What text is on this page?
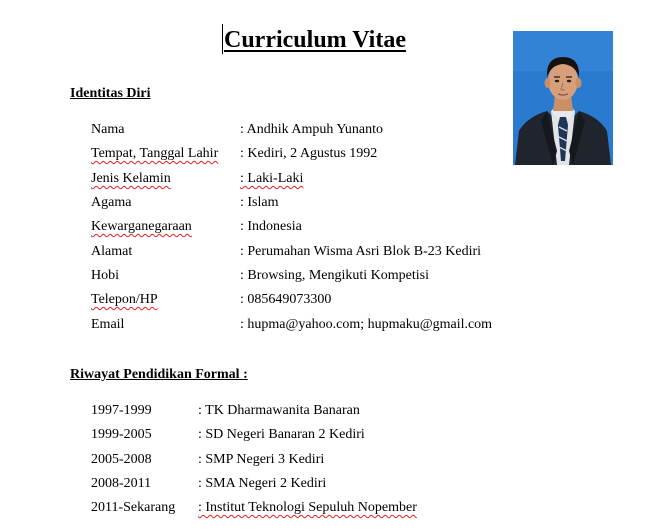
Curriculum Vitae
Identitas Diri
Nama	: Andhik Ampuh Yunanto
Tempat, Tanggal Lahir : Kediri, 2 Agustus 1992
Jenis Kelamin	: Laki-Laki
Agama	: Islam
Kewarganegaraan	: Indonesia
Alamat	: Perumahan Wisma Asri Blok B-23 Kediri
Hobi	: Browsing, Mengikuti Kompetisi
Telepon/HP	: 085649073300
Email	: hupma@yahoo.com; hupmaku@gmail.com
Riwayat Pendidikan Formal :
1997-1999	: TK Dharmawanita Banaran
1999-2005	: SD Negeri Banaran 2 Kediri
2005-2008	: SMP Negeri 3 Kediri
2008-2011	: SMA Negeri 2 Kediri
2011-Sekarang : Institut Teknologi Sepuluh Nopember
